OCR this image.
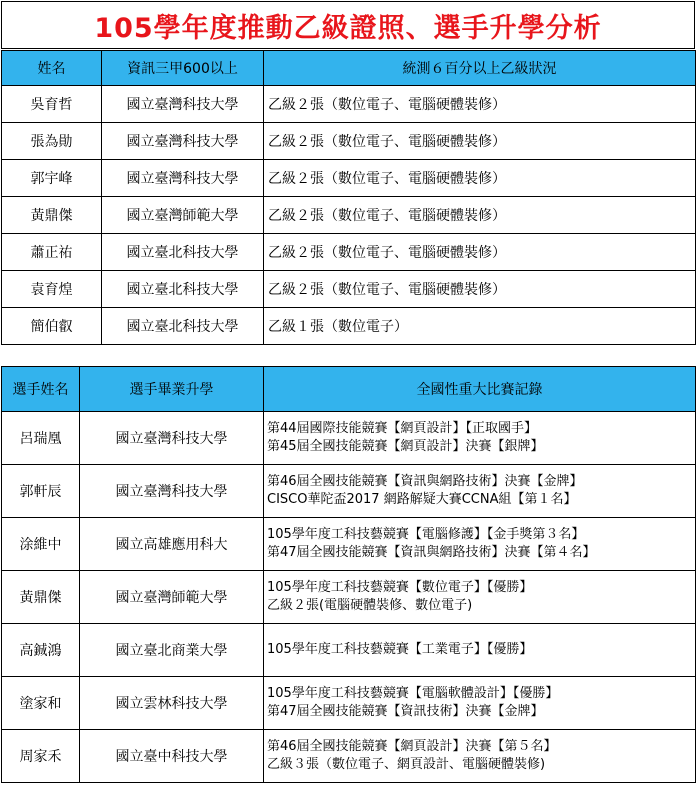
105學年度推動乙級證照、選手升學分析
姓名	資訊三甲600以上	統測６百分以上乙級狀況
吳育哲	國立臺灣科技大學	乙級２張（數位電子、電腦硬體裝修）
張為勛	國立臺灣科技大學	乙級２張（數位電子、電腦硬體裝修）
郭宇峰	國立臺灣科技大學	乙級２張（數位電子、電腦硬體裝修）
黃鼎傑	國立臺灣師範大學	乙級２張（數位電子、電腦硬體裝修）
蕭正祐	國立臺北科技大學	乙級２張（數位電子、電腦硬體裝修）
袁育煌	國立臺北科技大學	乙級２張（數位電子、電腦硬體裝修）
簡伯叡	國立臺北科技大學	乙級１張（數位電子）
選手姓名	選手畢業升學	全國性重大比賽記錄
呂瑞凰	國立臺灣科技大學	第44屆國際技能競賽【網頁設計】【正取國手】
第45屆全國技能競賽【網頁設計】決賽【銀牌】

郭軒辰	國立臺灣科技大學	第46屆全國技能競賽【資訊與網路技術】決賽【金牌】
CISCO華陀盃2017 網路解疑大賽CCNA組【第１名】

涂維中	國立高雄應用科大	105學年度工科技藝競賽【電腦修護】【金手獎第３名】
第47屆全國技能競賽【資訊與網路技術】決賽【第４名】

黃鼎傑	國立臺灣師範大學	105學年度工科技藝競賽【數位電子】【優勝】
乙級２張(電腦硬體裝修、數位電子)

高鋮鴻	國立臺北商業大學	105學年度工科技藝競賽【工業電子】【優勝】

塗家和	國立雲林科技大學	105學年度工科技藝競賽【電腦軟體設計】【優勝】
第47屆全國技能競賽【資訊技術】決賽【金牌】

周家禾	國立臺中科技大學	第46屆全國技能競賽【網頁設計】決賽【第５名】
乙級３張（數位電子、網頁設計、電腦硬體裝修)
